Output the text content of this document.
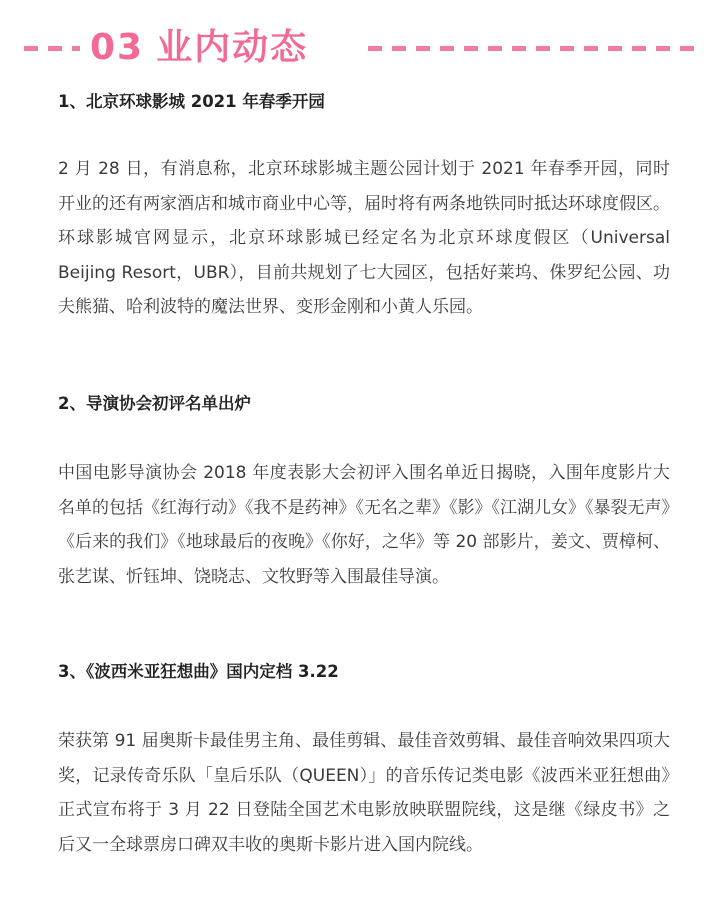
03 业内动态

1、北京环球影城 2021 年春季开园

2 月 28 日，有消息称，北京环球影城主题公园计划于 2021 年春季开园，同时开业的还有两家酒店和城市商业中心等，届时将有两条地铁同时抵达环球度假区。环球影城官网显示，北京环球影城已经定名为北京环球度假区（Universal Beijing Resort，UBR），目前共规划了七大园区，包括好莱坞、侏罗纪公园、功夫熊猫、哈利波特的魔法世界、变形金刚和小黄人乐园。

2、导演协会初评名单出炉

中国电影导演协会 2018 年度表影大会初评入围名单近日揭晓，入围年度影片大名单的包括《红海行动》《我不是药神》《无名之辈》《影》《江湖儿女》《暴裂无声》《后来的我们》《地球最后的夜晚》《你好，之华》等 20 部影片，姜文、贾樟柯、张艺谋、忻钰坤、饶晓志、文牧野等入围最佳导演。

3、《波西米亚狂想曲》国内定档 3.22

荣获第 91 届奥斯卡最佳男主角、最佳剪辑、最佳音效剪辑、最佳音响效果四项大奖，记录传奇乐队「皇后乐队（QUEEN）」的音乐传记类电影《波西米亚狂想曲》正式宣布将于 3 月 22 日登陆全国艺术电影放映联盟院线，这是继《绿皮书》之后又一全球票房口碑双丰收的奥斯卡影片进入国内院线。
